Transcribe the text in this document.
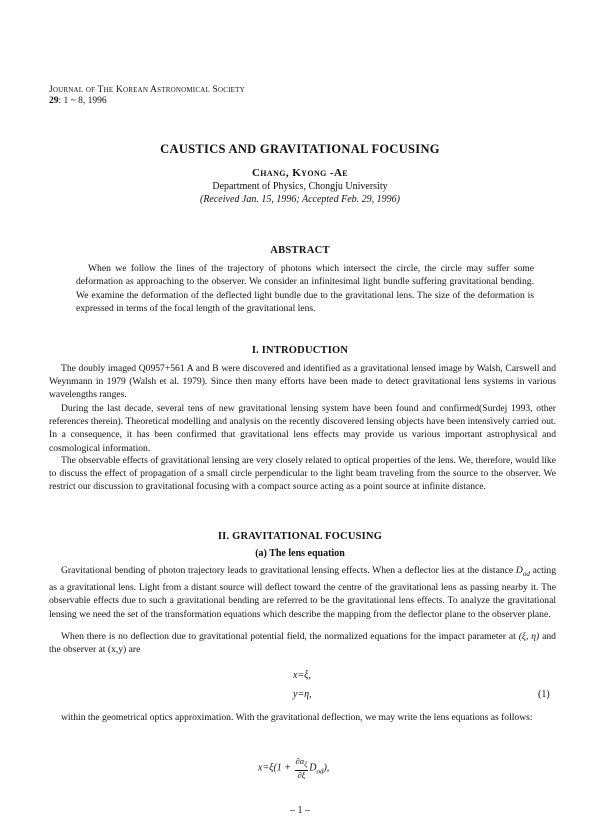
Journal of The Korean Astronomical Society
29: 1 ~ 8, 1996
CAUSTICS AND GRAVITATIONAL FOCUSING
Chang, Kyong -Ae
Department of Physics, Chongju University
(Received Jan. 15, 1996; Accepted Feb. 29, 1996)
ABSTRACT
When we follow the lines of the trajectory of photons which intersect the circle, the circle may suffer some deformation as approaching to the observer. We consider an infinitesimal light bundle suffering gravitational bending. We examine the deformation of the deflected light bundle due to the gravitational lens. The size of the deformation is expressed in terms of the focal length of the gravitational lens.
I. INTRODUCTION
The doubly imaged Q0957+561 A and B were discovered and identified as a gravitational lensed image by Walsh, Carswell and Weynmann in 1979 (Walsh et al. 1979). Since then many efforts have been made to detect gravitational lens systems in various wavelengths ranges.
During the last decade, several tens of new gravitational lensing system have been found and confirmed(Surdej 1993, other references therein). Theoretical modelling and analysis on the recently discovered lensing objects have been intensively carried out. In a consequence, it has been confirmed that gravitational lens effects may provide us various important astrophysical and cosmological information.
The observable effects of gravitational lensing are very closely related to optical properties of the lens. We, therefore, would like to discuss the effect of propagation of a small circle perpendicular to the light beam traveling from the source to the observer. We restrict our discussion to gravitational focusing with a compact source acting as a point source at infinite distance.
II. GRAVITATIONAL FOCUSING
(a) The lens equation
Gravitational bending of photon trajectory leads to gravitational lensing effects. When a deflector lies at the distance $D_{od}$ acting as a gravitational lens. Light from a distant source will deflect toward the centre of the gravitational lens as passing nearby it. The observable effects due to such a gravitational bending are referred to be the gravitational lens effects. To analyze the gravitational lensing we need the set of the transformation equations which describe the mapping from the deflector plane to the observer plane.
When there is no deflection due to gravitational potential field, the normalized equations for the impact parameter at (ξ, η) and the observer at (x,y) are
x=ξ,
y=η,	(1)
within the geometrical optics approximation. With the gravitational deflection, we may write the lens equations as follows:
$x=\xi(1 + \frac{\partial\alpha_\xi}{\partial\xi} D_{od})$,
– 1 –
